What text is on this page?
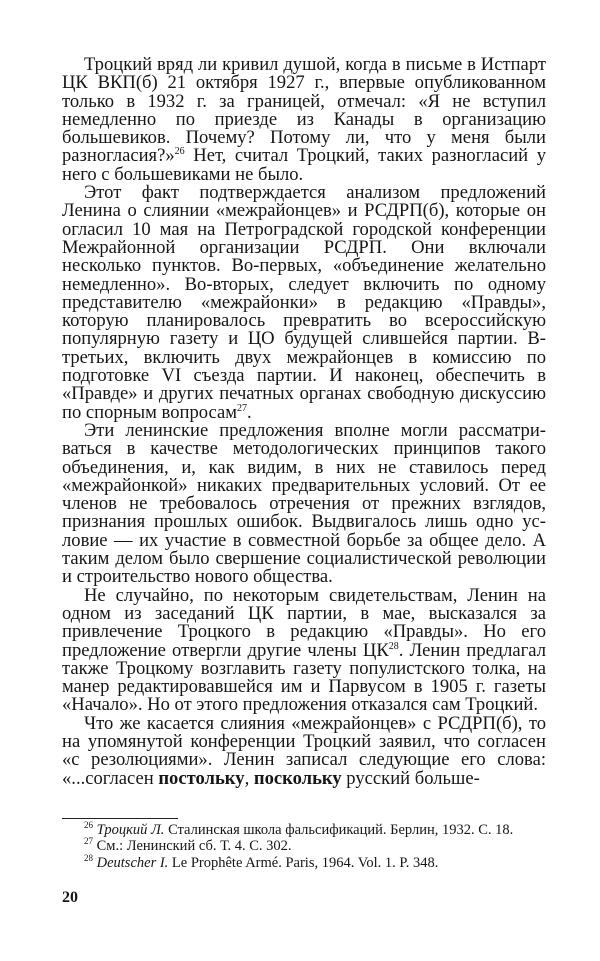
Троцкий вряд ли кривил душой, когда в письме в Истпарт ЦК ВКП(б) 21 октября 1927 г., впервые опубликованном только в 1932 г. за границей, отмечал: «Я не вступил немедленно по приезде из Канады в организацию большевиков. Почему? Потому ли, что у меня были разногласия?»$^{26}$ Нет, считал Троцкий, таких разногласий у него с большевиками не было.

Этот факт подтверждается анализом предложений Ленина о слиянии «межрайонцев» и РСДРП(б), которые он огласил 10 мая на Петроградской городской конференции Межрайонной организации РСДРП. Они включали несколько пунктов. Во-первых, «объединение желательно немедленно». Во-вторых, следует включить по одному представителю «межрайонки» в редакцию «Правды», которую планировалось превратить во всероссийскую популярную газету и ЦО будущей слившейся партии. В-третьих, включить двух межрайонцев в комиссию по подготовке VI съезда партии. И наконец, обеспечить в «Правде» и других печатных органах свободную дискуссию по спорным вопросам$^{27}$.

Эти ленинские предложения вполне могли рассматриваться в качестве методологических принципов такого объединения, и, как видим, в них не ставилось перед «межрайонкой» никаких предварительных условий. От ее членов не требовалось отречения от прежних взглядов, признания прошлых ошибок. Выдвигалось лишь одно условие — их участие в совместной борьбе за общее дело. А таким делом было свершение социалистической революции и строительство нового общества.

Не случайно, по некоторым свидетельствам, Ленин на одном из заседаний ЦК партии, в мае, высказался за привлечение Троцкого в редакцию «Правды». Но его предложение отвергли другие члены ЦК$^{28}$. Ленин предлагал также Троцкому возглавить газету популистского толка, на манер редактировавшейся им и Парвусом в 1905 г. газеты «Начало». Но от этого предложения отказался сам Троцкий.

Что же касается слияния «межрайонцев» с РСДРП(б), то на упомянутой конференции Троцкий заявил, что согласен «с резолюциями». Ленин записал следующие его слова: «...согласен постольку, поскольку русский больше-

$^{26}$ Троцкий Л. Сталинская школа фальсификаций. Берлин, 1932. С. 18.

$^{27}$ См.: Ленинский сб. Т. 4. С. 302.

$^{28}$ Deutscher I. Le Prophête Armé. Paris, 1964. Vol. 1. P. 348.

20
